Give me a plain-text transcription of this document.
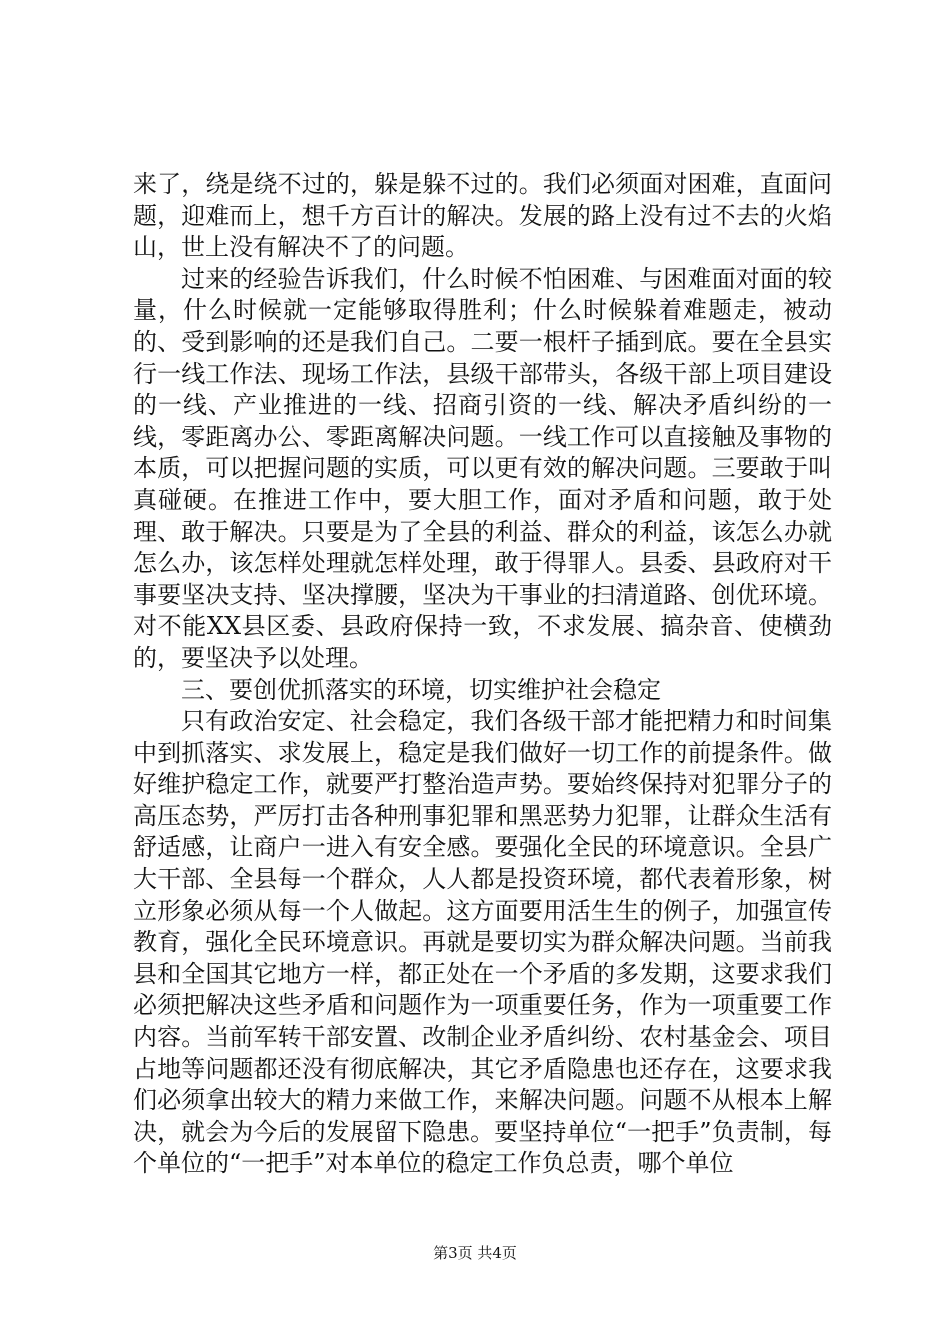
来了，绕是绕不过的，躲是躲不过的。我们必须面对困难，直面问题，迎难而上，想千方百计的解决。发展的路上没有过不去的火焰山，世上没有解决不了的问题。

过来的经验告诉我们，什么时候不怕困难、与困难面对面的较量，什么时候就一定能够取得胜利；什么时候躲着难题走，被动的、受到影响的还是我们自己。二要一根杆子插到底。要在全县实行一线工作法、现场工作法，县级干部带头，各级干部上项目建设的一线、产业推进的一线、招商引资的一线、解决矛盾纠纷的一线，零距离办公、零距离解决问题。一线工作可以直接触及事物的本质，可以把握问题的实质，可以更有效的解决问题。三要敢于叫真碰硬。在推进工作中，要大胆工作，面对矛盾和问题，敢于处理、敢于解决。只要是为了全县的利益、群众的利益，该怎么办就怎么办，该怎样处理就怎样处理，敢于得罪人。县委、县政府对干事要坚决支持、坚决撑腰，坚决为干事业的扫清道路、创优环境。对不能XX县区委、县政府保持一致，不求发展、搞杂音、使横劲的，要坚决予以处理。

三、要创优抓落实的环境，切实维护社会稳定

只有政治安定、社会稳定，我们各级干部才能把精力和时间集中到抓落实、求发展上，稳定是我们做好一切工作的前提条件。做好维护稳定工作，就要严打整治造声势。要始终保持对犯罪分子的高压态势，严厉打击各种刑事犯罪和黑恶势力犯罪，让群众生活有舒适感，让商户一进入有安全感。要强化全民的环境意识。全县广大干部、全县每一个群众，人人都是投资环境，都代表着形象，树立形象必须从每一个人做起。这方面要用活生生的例子，加强宣传教育，强化全民环境意识。再就是要切实为群众解决问题。当前我县和全国其它地方一样，都正处在一个矛盾的多发期，这要求我们必须把解决这些矛盾和问题作为一项重要任务，作为一项重要工作内容。当前军转干部安置、改制企业矛盾纠纷、农村基金会、项目占地等问题都还没有彻底解决，其它矛盾隐患也还存在，这要求我们必须拿出较大的精力来做工作，来解决问题。问题不从根本上解决，就会为今后的发展留下隐患。要坚持单位“一把手”负责制，每个单位的“一把手”对本单位的稳定工作负总责，哪个单位

第3页 共4页
